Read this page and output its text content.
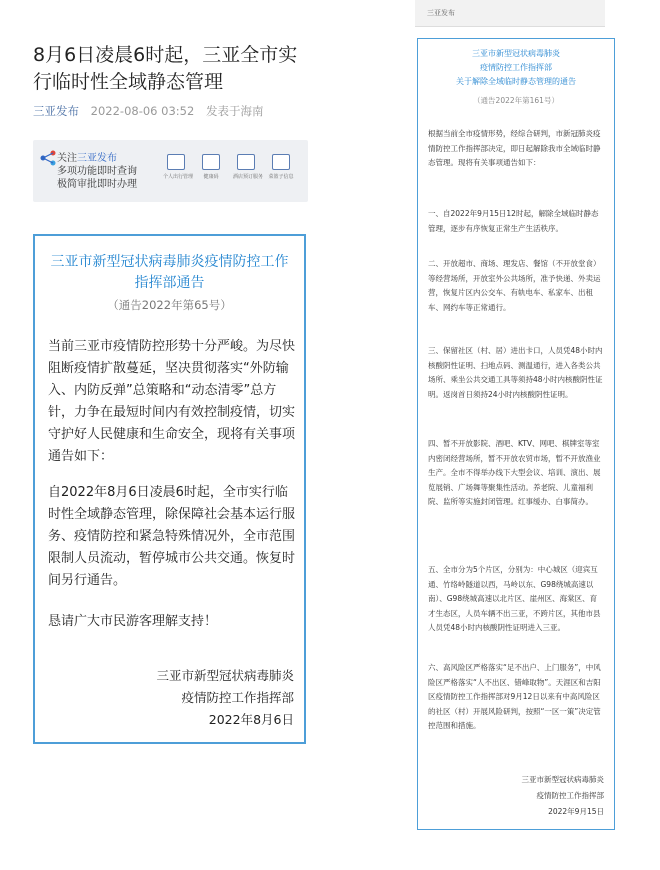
8月6日凌晨6时起，三亚全市实行临时性全域静态管理
三亚发布 2022-08-06 03:52 发表于海南
关注三亚发布
多项功能即时查询
极简审批即时办理
个人出行管理	健康码	酒店预订服务 菜篮子信息
三亚市新型冠状病毒肺炎疫情防控工作
指挥部通告
（通告2022年第65号）

当前三亚市疫情防控形势十分严峻。为尽快阻断疫情扩散蔓延，坚决贯彻落实“外防输入、内防反弹”总策略和“动态清零”总方针，力争在最短时间内有效控制疫情，切实守护好人民健康和生命安全，现将有关事项通告如下：

自2022年8月6日凌晨6时起，全市实行临时性全域静态管理，除保障社会基本运行服务、疫情防控和紧急特殊情况外，全市范围限制人员流动，暂停城市公共交通。恢复时间另行通告。

恳请广大市民游客理解支持！
三亚市新型冠状病毒肺炎
疫情防控工作指挥部
2022年8月6日
三亚发布
三亚市新型冠状病毒肺炎
疫情防控工作指挥部
关于解除全域临时静态管理的通告
（通告2022年第161号）

根据当前全市疫情形势，经综合研判，市新冠肺炎疫情防控工作指挥部决定，即日起解除我市全域临时静态管理。现将有关事项通告如下：

一、自2022年9月15日12时起，解除全域临时静态管理，逐步有序恢复正常生产生活秩序。

二、开放超市、商场、理发店、餐馆（不开放堂食）等经营场所，开放室外公共场所，准予快递、外卖运营，恢复片区内公交车、有轨电车、私家车、出租车、网约车等正常通行。

三、保留社区（村、居）进出卡口，人员凭48小时内核酸阴性证明、扫地点码、测温通行，进入各类公共场所、乘坐公共交通工具等须持48小时内核酸阴性证明。返岗首日须持24小时内核酸阴性证明。

四、暂不开放影院、酒吧、KTV、网吧、棋牌室等室内密闭经营场所，暂不开放农贸市场，暂不开放渔业生产。全市不得举办线下大型会议、培训、演出、展览展销、广场舞等聚集性活动。养老院、儿童福利院、监所等实施封闭管理。红事缓办、白事简办。

五、全市分为5个片区，分别为：中心城区（迎宾互通、竹络岭隧道以西，马岭以东、G98绕城高速以南）、G98绕城高速以北片区、崖州区、海棠区、育才生态区，人员车辆不出三亚，不跨片区，其他市县人员凭48小时内核酸阴性证明进入三亚。

六、高风险区严格落实“足不出户、上门服务”，中风险区严格落实“人不出区、错峰取物”。天涯区和吉阳区疫情防控工作指挥部对9月12日以来有中高风险区的社区（村）开展风险研判，按照“一区一策”决定管控范围和措施。

三亚市新型冠状病毒肺炎
疫情防控工作指挥部
2022年9月15日
